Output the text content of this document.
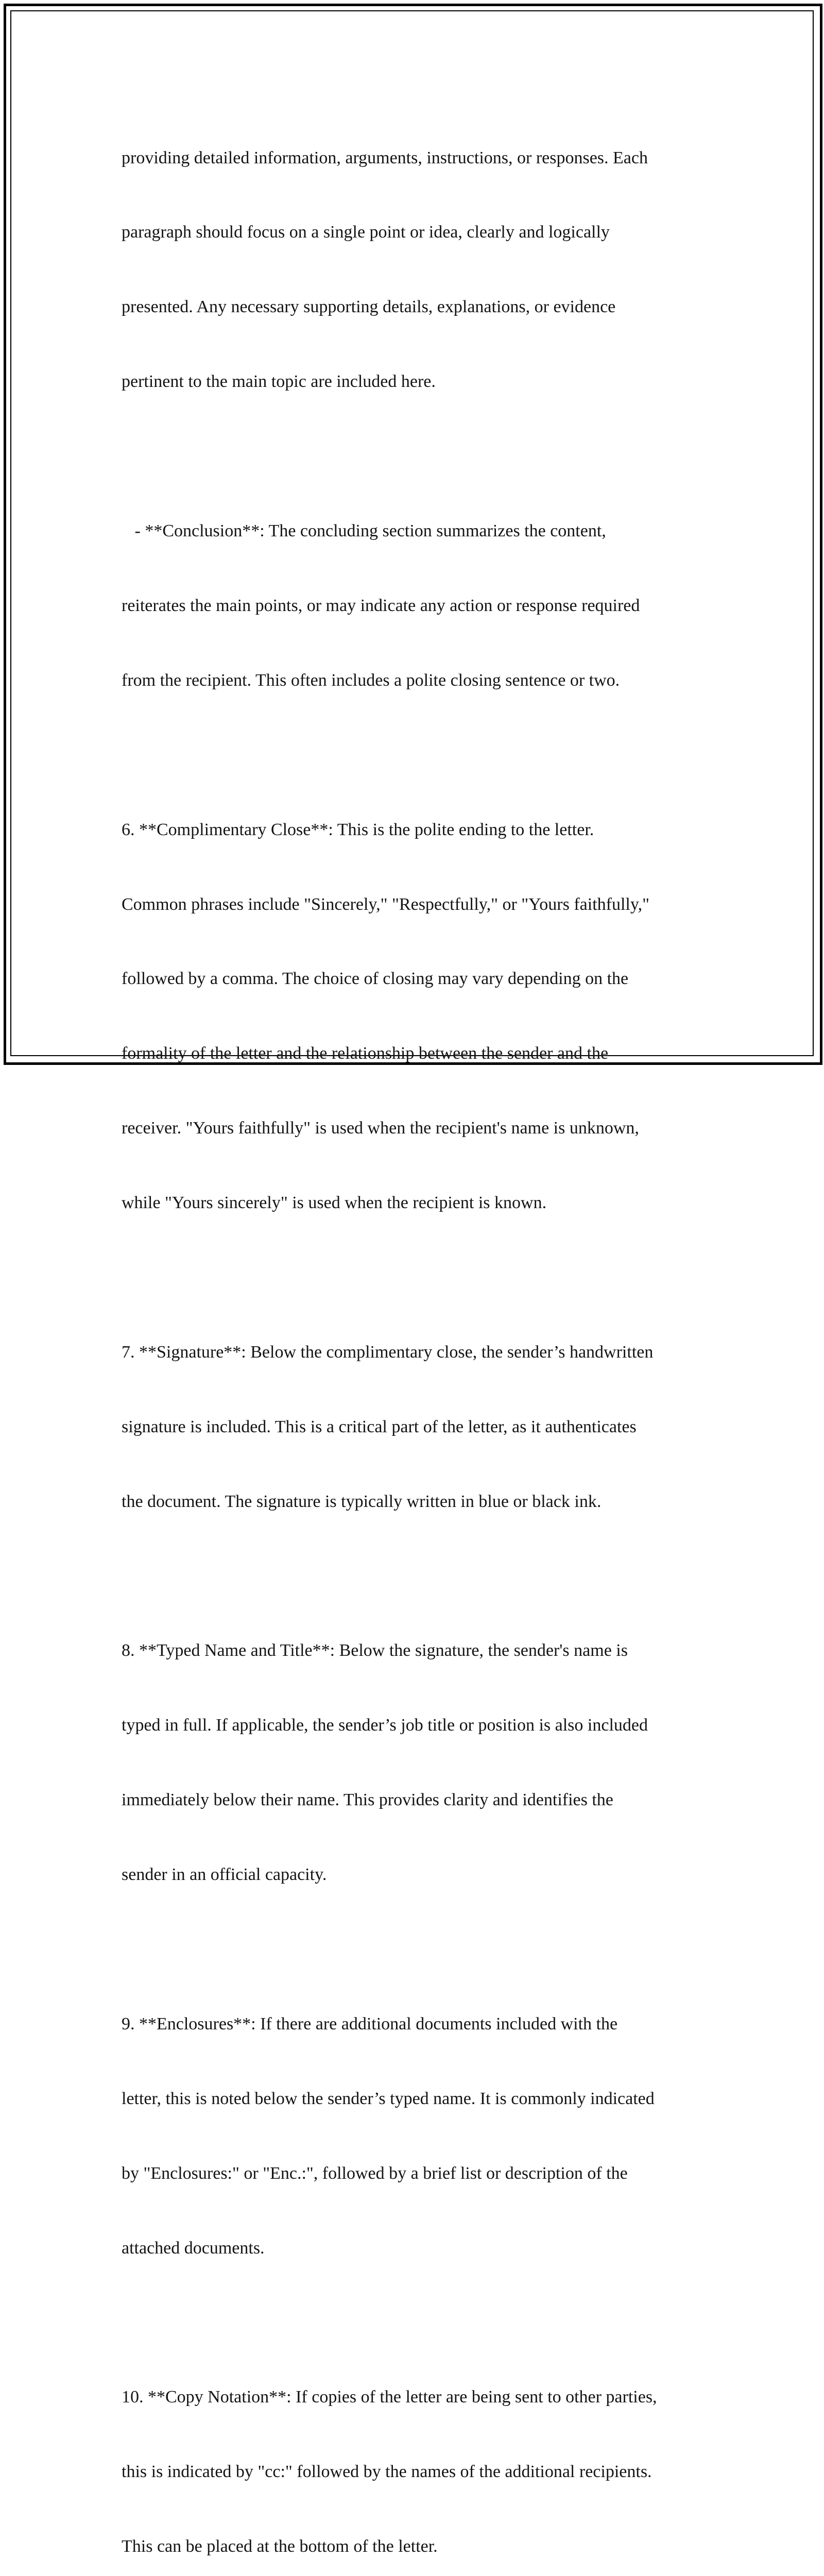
providing detailed information, arguments, instructions, or responses. Each

paragraph should focus on a single point or idea, clearly and logically

presented. Any necessary supporting details, explanations, or evidence

pertinent to the main topic are included here.

- **Conclusion**: The concluding section summarizes the content,

reiterates the main points, or may indicate any action or response required

from the recipient. This often includes a polite closing sentence or two.

6. **Complimentary Close**: This is the polite ending to the letter.

Common phrases include "Sincerely," "Respectfully," or "Yours faithfully,"

followed by a comma. The choice of closing may vary depending on the

formality of the letter and the relationship between the sender and the

receiver. "Yours faithfully" is used when the recipient's name is unknown,

while "Yours sincerely" is used when the recipient is known.

7. **Signature**: Below the complimentary close, the sender’s handwritten

signature is included. This is a critical part of the letter, as it authenticates

the document. The signature is typically written in blue or black ink.

8. **Typed Name and Title**: Below the signature, the sender's name is

typed in full. If applicable, the sender’s job title or position is also included

immediately below their name. This provides clarity and identifies the

sender in an official capacity.

9. **Enclosures**: If there are additional documents included with the

letter, this is noted below the sender’s typed name. It is commonly indicated

by "Enclosures:" or "Enc.:", followed by a brief list or description of the

attached documents.

10. **Copy Notation**: If copies of the letter are being sent to other parties,

this is indicated by "cc:" followed by the names of the additional recipients.

This can be placed at the bottom of the letter.
